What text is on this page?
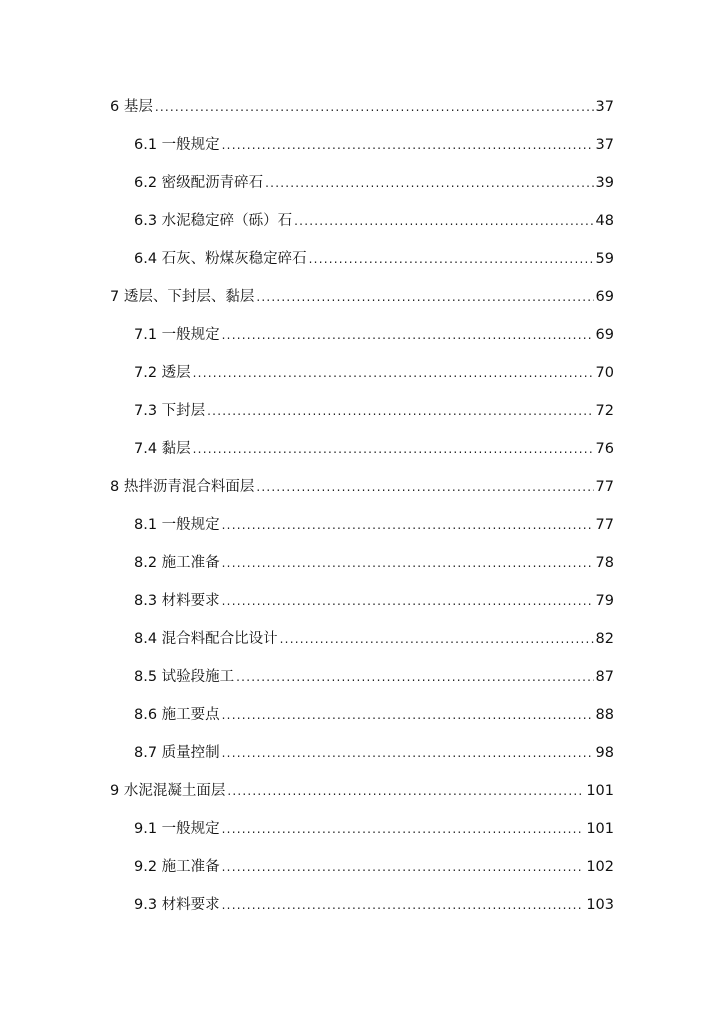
6 基层 .....	37
6.1 一般规定 .....	37
6.2 密级配沥青碎石 .....	39
6.3 水泥稳定碎（砾）石 .....	48
6.4 石灰、粉煤灰稳定碎石 .....	59
7 透层、下封层、黏层 .....	69
7.1 一般规定 .....	69
7.2 透层 .....	70
7.3 下封层 .....	72
7.4 黏层 .....	76
8 热拌沥青混合料面层 .....	77
8.1 一般规定 .....	77
8.2 施工准备 .....	78
8.3 材料要求 .....	79
8.4 混合料配合比设计 .....	82
8.5 试验段施工 .....	87
8.6 施工要点 .....	88
8.7 质量控制 .....	98
9 水泥混凝土面层 .....	101
9.1 一般规定 .....	101
9.2 施工准备 .....	102
9.3 材料要求 .....	103
